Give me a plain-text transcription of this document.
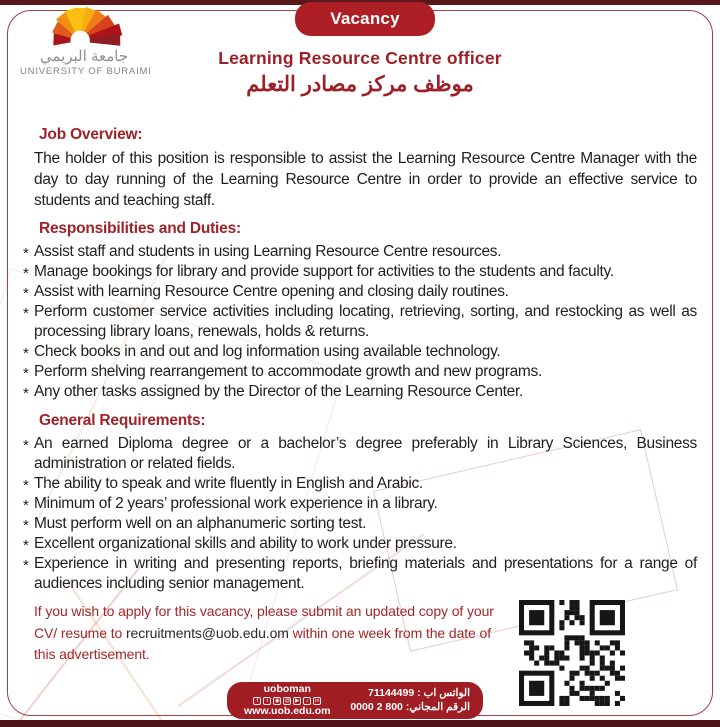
Vacancy
جامعة البريمي
UNIVERSITY OF BURAIMI
Learning Resource Centre officer
موظف مركز مصادر التعلم
Job Overview:
The holder of this position is responsible to assist the Learning Resource Centre Manager with the day to day running of the Learning Resource Centre in order to provide an effective service to students and teaching staff.
Responsibilities and Duties:
* Assist staff and students in using Learning Resource Centre resources.
* Manage bookings for library and provide support for activities to the students and faculty.
* Assist with learning Resource Centre opening and closing daily routines.
* Perform customer service activities including locating, retrieving, sorting, and restocking as well as processing library loans, renewals, holds & returns.
* Check books in and out and log information using available technology.
* Perform shelving rearrangement to accommodate growth and new programs.
* Any other tasks assigned by the Director of the Learning Resource Center.
General Requirements:
* An earned Diploma degree or a bachelor’s degree preferably in Library Sciences, Business administration or related fields.
* The ability to speak and write fluently in English and Arabic.
* Minimum of 2 years’ professional work experience in a library.
* Must perform well on an alphanumeric sorting test.
* Excellent organizational skills and ability to work under pressure.
* Experience in writing and presenting reports, briefing materials and presentations for a range of audiences including senior management.
If you wish to apply for this vacancy, please submit an updated copy of your CV/ resume to recruitments@uob.edu.om within one week from the date of this advertisement.
uoboman
f	t	◉ @ ▶	♪	in
www.uob.edu.om
الواتس اب : 71144499
الرقم المجاني: 800 2 0000
